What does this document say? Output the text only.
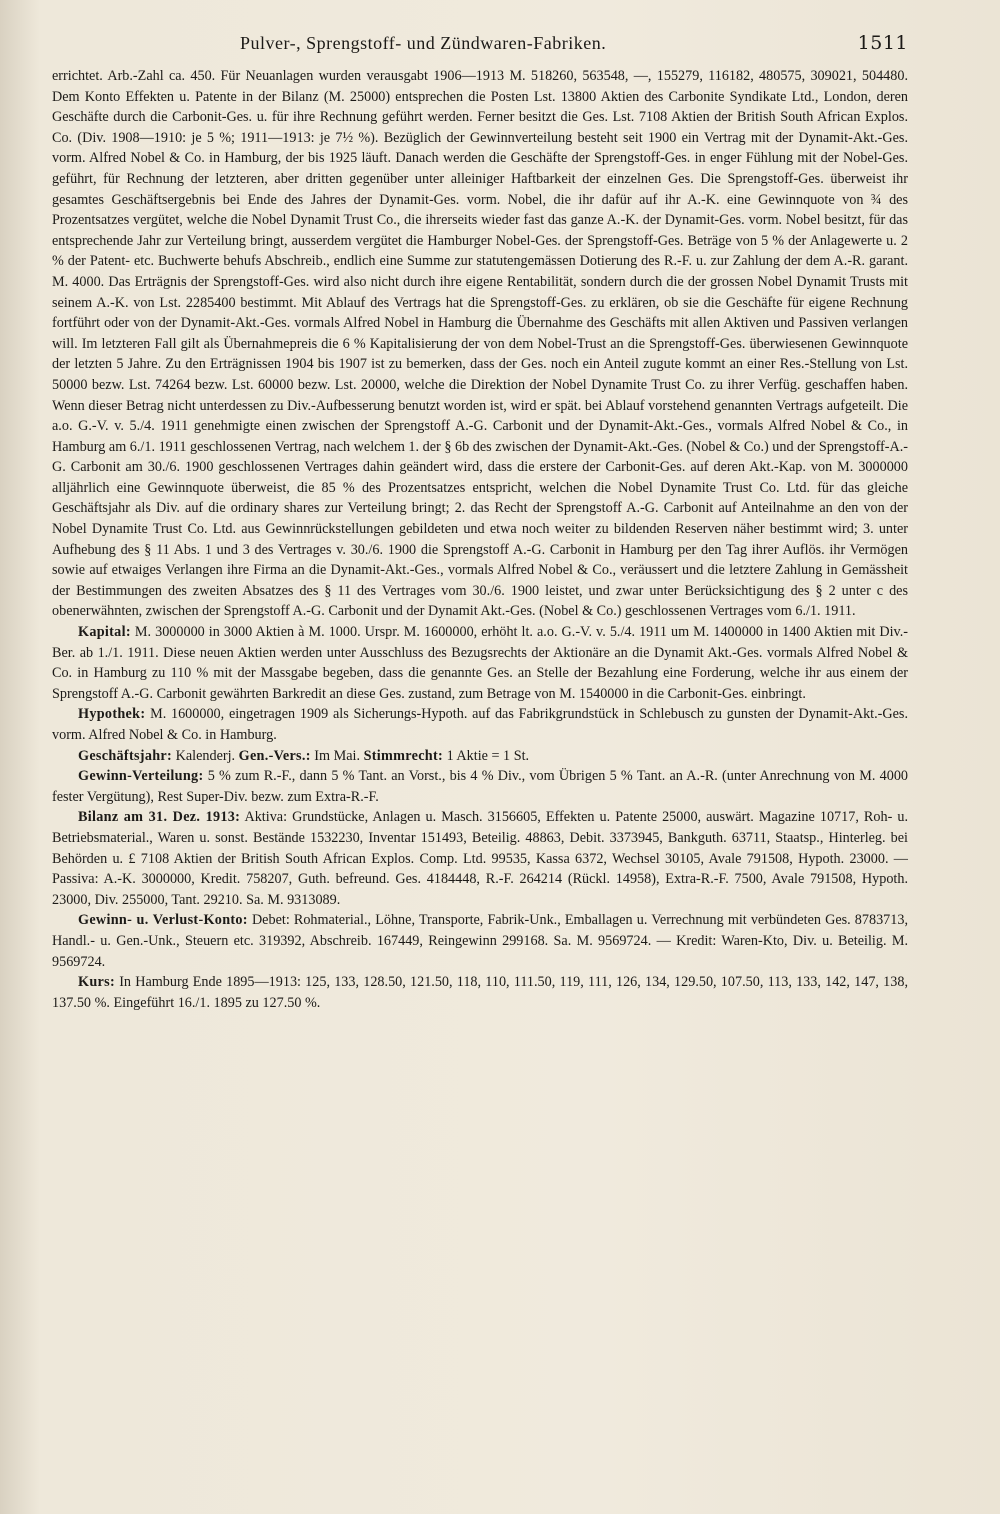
Pulver-, Sprengstoff- und Zündwaren-Fabriken.	1511

errichtet. Arb.-Zahl ca. 450. Für Neuanlagen wurden verausgabt 1906—1913 M. 518260, 563548, —, 155279, 116182, 480575, 309021, 504480. Dem Konto Effekten u. Patente in der Bilanz (M. 25000) entsprechen die Posten Lst. 13800 Aktien des Carbonite Syndikate Ltd., London, deren Geschäfte durch die Carbonit-Ges. u. für ihre Rechnung geführt werden. Ferner besitzt die Ges. Lst. 7108 Aktien der British South African Explos. Co. (Div. 1908—1910: je 5 %; 1911—1913: je 7½ %). Bezüglich der Gewinnverteilung besteht seit 1900 ein Vertrag mit der Dynamit-Akt.-Ges. vorm. Alfred Nobel & Co. in Hamburg, der bis 1925 läuft. Danach werden die Geschäfte der Sprengstoff-Ges. in enger Fühlung mit der Nobel-Ges. geführt, für Rechnung der letzteren, aber dritten gegenüber unter alleiniger Haftbarkeit der einzelnen Ges. Die Sprengstoff-Ges. überweist ihr gesamtes Geschäftsergebnis bei Ende des Jahres der Dynamit-Ges. vorm. Nobel, die ihr dafür auf ihr A.-K. eine Gewinnquote von ¾ des Prozentsatzes vergütet, welche die Nobel Dynamit Trust Co., die ihrerseits wieder fast das ganze A.-K. der Dynamit-Ges. vorm. Nobel besitzt, für das entsprechende Jahr zur Verteilung bringt, ausserdem vergütet die Hamburger Nobel-Ges. der Sprengstoff-Ges. Beträge von 5 % der Anlagewerte u. 2 % der Patent- etc. Buchwerte behufs Abschreib., endlich eine Summe zur statutengemässen Dotierung des R.-F. u. zur Zahlung der dem A.-R. garant. M. 4000. Das Erträgnis der Sprengstoff-Ges. wird also nicht durch ihre eigene Rentabilität, sondern durch die der grossen Nobel Dynamit Trusts mit seinem A.-K. von Lst. 2285400 bestimmt. Mit Ablauf des Vertrags hat die Sprengstoff-Ges. zu erklären, ob sie die Geschäfte für eigene Rechnung fortführt oder von der Dynamit-Akt.-Ges. vormals Alfred Nobel in Hamburg die Übernahme des Geschäfts mit allen Aktiven und Passiven verlangen will. Im letzteren Fall gilt als Übernahmepreis die 6 % Kapitalisierung der von dem Nobel-Trust an die Sprengstoff-Ges. überwiesenen Gewinnquote der letzten 5 Jahre. Zu den Erträgnissen 1904 bis 1907 ist zu bemerken, dass der Ges. noch ein Anteil zugute kommt an einer Res.-Stellung von Lst. 50000 bezw. Lst. 74264 bezw. Lst. 60000 bezw. Lst. 20000, welche die Direktion der Nobel Dynamite Trust Co. zu ihrer Verfüg. geschaffen haben. Wenn dieser Betrag nicht unterdessen zu Div.-Aufbesserung benutzt worden ist, wird er spät. bei Ablauf vorstehend genannten Vertrags aufgeteilt. Die a.o. G.-V. v. 5./4. 1911 genehmigte einen zwischen der Sprengstoff A.-G. Carbonit und der Dynamit-Akt.-Ges., vormals Alfred Nobel & Co., in Hamburg am 6./1. 1911 geschlossenen Vertrag, nach welchem 1. der § 6b des zwischen der Dynamit-Akt.-Ges. (Nobel & Co.) und der Sprengstoff-A.-G. Carbonit am 30./6. 1900 geschlossenen Vertrages dahin geändert wird, dass die erstere der Carbonit-Ges. auf deren Akt.-Kap. von M. 3000000 alljährlich eine Gewinnquote überweist, die 85 % des Prozentsatzes entspricht, welchen die Nobel Dynamite Trust Co. Ltd. für das gleiche Geschäftsjahr als Div. auf die ordinary shares zur Verteilung bringt; 2. das Recht der Sprengstoff A.-G. Carbonit auf Anteilnahme an den von der Nobel Dynamite Trust Co. Ltd. aus Gewinnrückstellungen gebildeten und etwa noch weiter zu bildenden Reserven näher bestimmt wird; 3. unter Aufhebung des § 11 Abs. 1 und 3 des Vertrages v. 30./6. 1900 die Sprengstoff A.-G. Carbonit in Hamburg per den Tag ihrer Auflös. ihr Vermögen sowie auf etwaiges Verlangen ihre Firma an die Dynamit-Akt.-Ges., vormals Alfred Nobel & Co., veräussert und die letztere Zahlung in Gemässheit der Bestimmungen des zweiten Absatzes des § 11 des Vertrages vom 30./6. 1900 leistet, und zwar unter Berücksichtigung des § 2 unter c des obenerwähnten, zwischen der Sprengstoff A.-G. Carbonit und der Dynamit Akt.-Ges. (Nobel & Co.) geschlossenen Vertrages vom 6./1. 1911.

Kapital: M. 3000000 in 3000 Aktien à M. 1000. Urspr. M. 1600000, erhöht lt. a.o. G.-V. v. 5./4. 1911 um M. 1400000 in 1400 Aktien mit Div.-Ber. ab 1./1. 1911. Diese neuen Aktien werden unter Ausschluss des Bezugsrechts der Aktionäre an die Dynamit Akt.-Ges. vormals Alfred Nobel & Co. in Hamburg zu 110 % mit der Massgabe begeben, dass die genannte Ges. an Stelle der Bezahlung eine Forderung, welche ihr aus einem der Sprengstoff A.-G. Carbonit gewährten Barkredit an diese Ges. zustand, zum Betrage von M. 1540000 in die Carbonit-Ges. einbringt.

Hypothek: M. 1600000, eingetragen 1909 als Sicherungs-Hypoth. auf das Fabrikgrundstück in Schlebusch zu gunsten der Dynamit-Akt.-Ges. vorm. Alfred Nobel & Co. in Hamburg.

Geschäftsjahr: Kalenderj. Gen.-Vers.: Im Mai. Stimmrecht: 1 Aktie = 1 St.

Gewinn-Verteilung: 5 % zum R.-F., dann 5 % Tant. an Vorst., bis 4 % Div., vom Übrigen 5 % Tant. an A.-R. (unter Anrechnung von M. 4000 fester Vergütung), Rest Super-Div. bezw. zum Extra-R.-F.

Bilanz am 31. Dez. 1913: Aktiva: Grundstücke, Anlagen u. Masch. 3156605, Effekten u. Patente 25000, auswärt. Magazine 10717, Roh- u. Betriebsmaterial., Waren u. sonst. Bestände 1532230, Inventar 151493, Beteilig. 48863, Debit. 3373945, Bankguth. 63711, Staatsp., Hinterleg. bei Behörden u. £ 7108 Aktien der British South African Explos. Comp. Ltd. 99535, Kassa 6372, Wechsel 30105, Avale 791508, Hypoth. 23000. — Passiva: A.-K. 3000000, Kredit. 758207, Guth. befreund. Ges. 4184448, R.-F. 264214 (Rückl. 14958), Extra-R.-F. 7500, Avale 791508, Hypoth. 23000, Div. 255000, Tant. 29210. Sa. M. 9313089.

Gewinn- u. Verlust-Konto: Debet: Rohmaterial., Löhne, Transporte, Fabrik-Unk., Emballagen u. Verrechnung mit verbündeten Ges. 8783713, Handl.- u. Gen.-Unk., Steuern etc. 319392, Abschreib. 167449, Reingewinn 299168. Sa. M. 9569724. — Kredit: Waren-Kto, Div. u. Beteilig. M. 9569724.

Kurs: In Hamburg Ende 1895—1913: 125, 133, 128.50, 121.50, 118, 110, 111.50, 119, 111, 126, 134, 129.50, 107.50, 113, 133, 142, 147, 138, 137.50 %. Eingeführt 16./1. 1895 zu 127.50 %.
